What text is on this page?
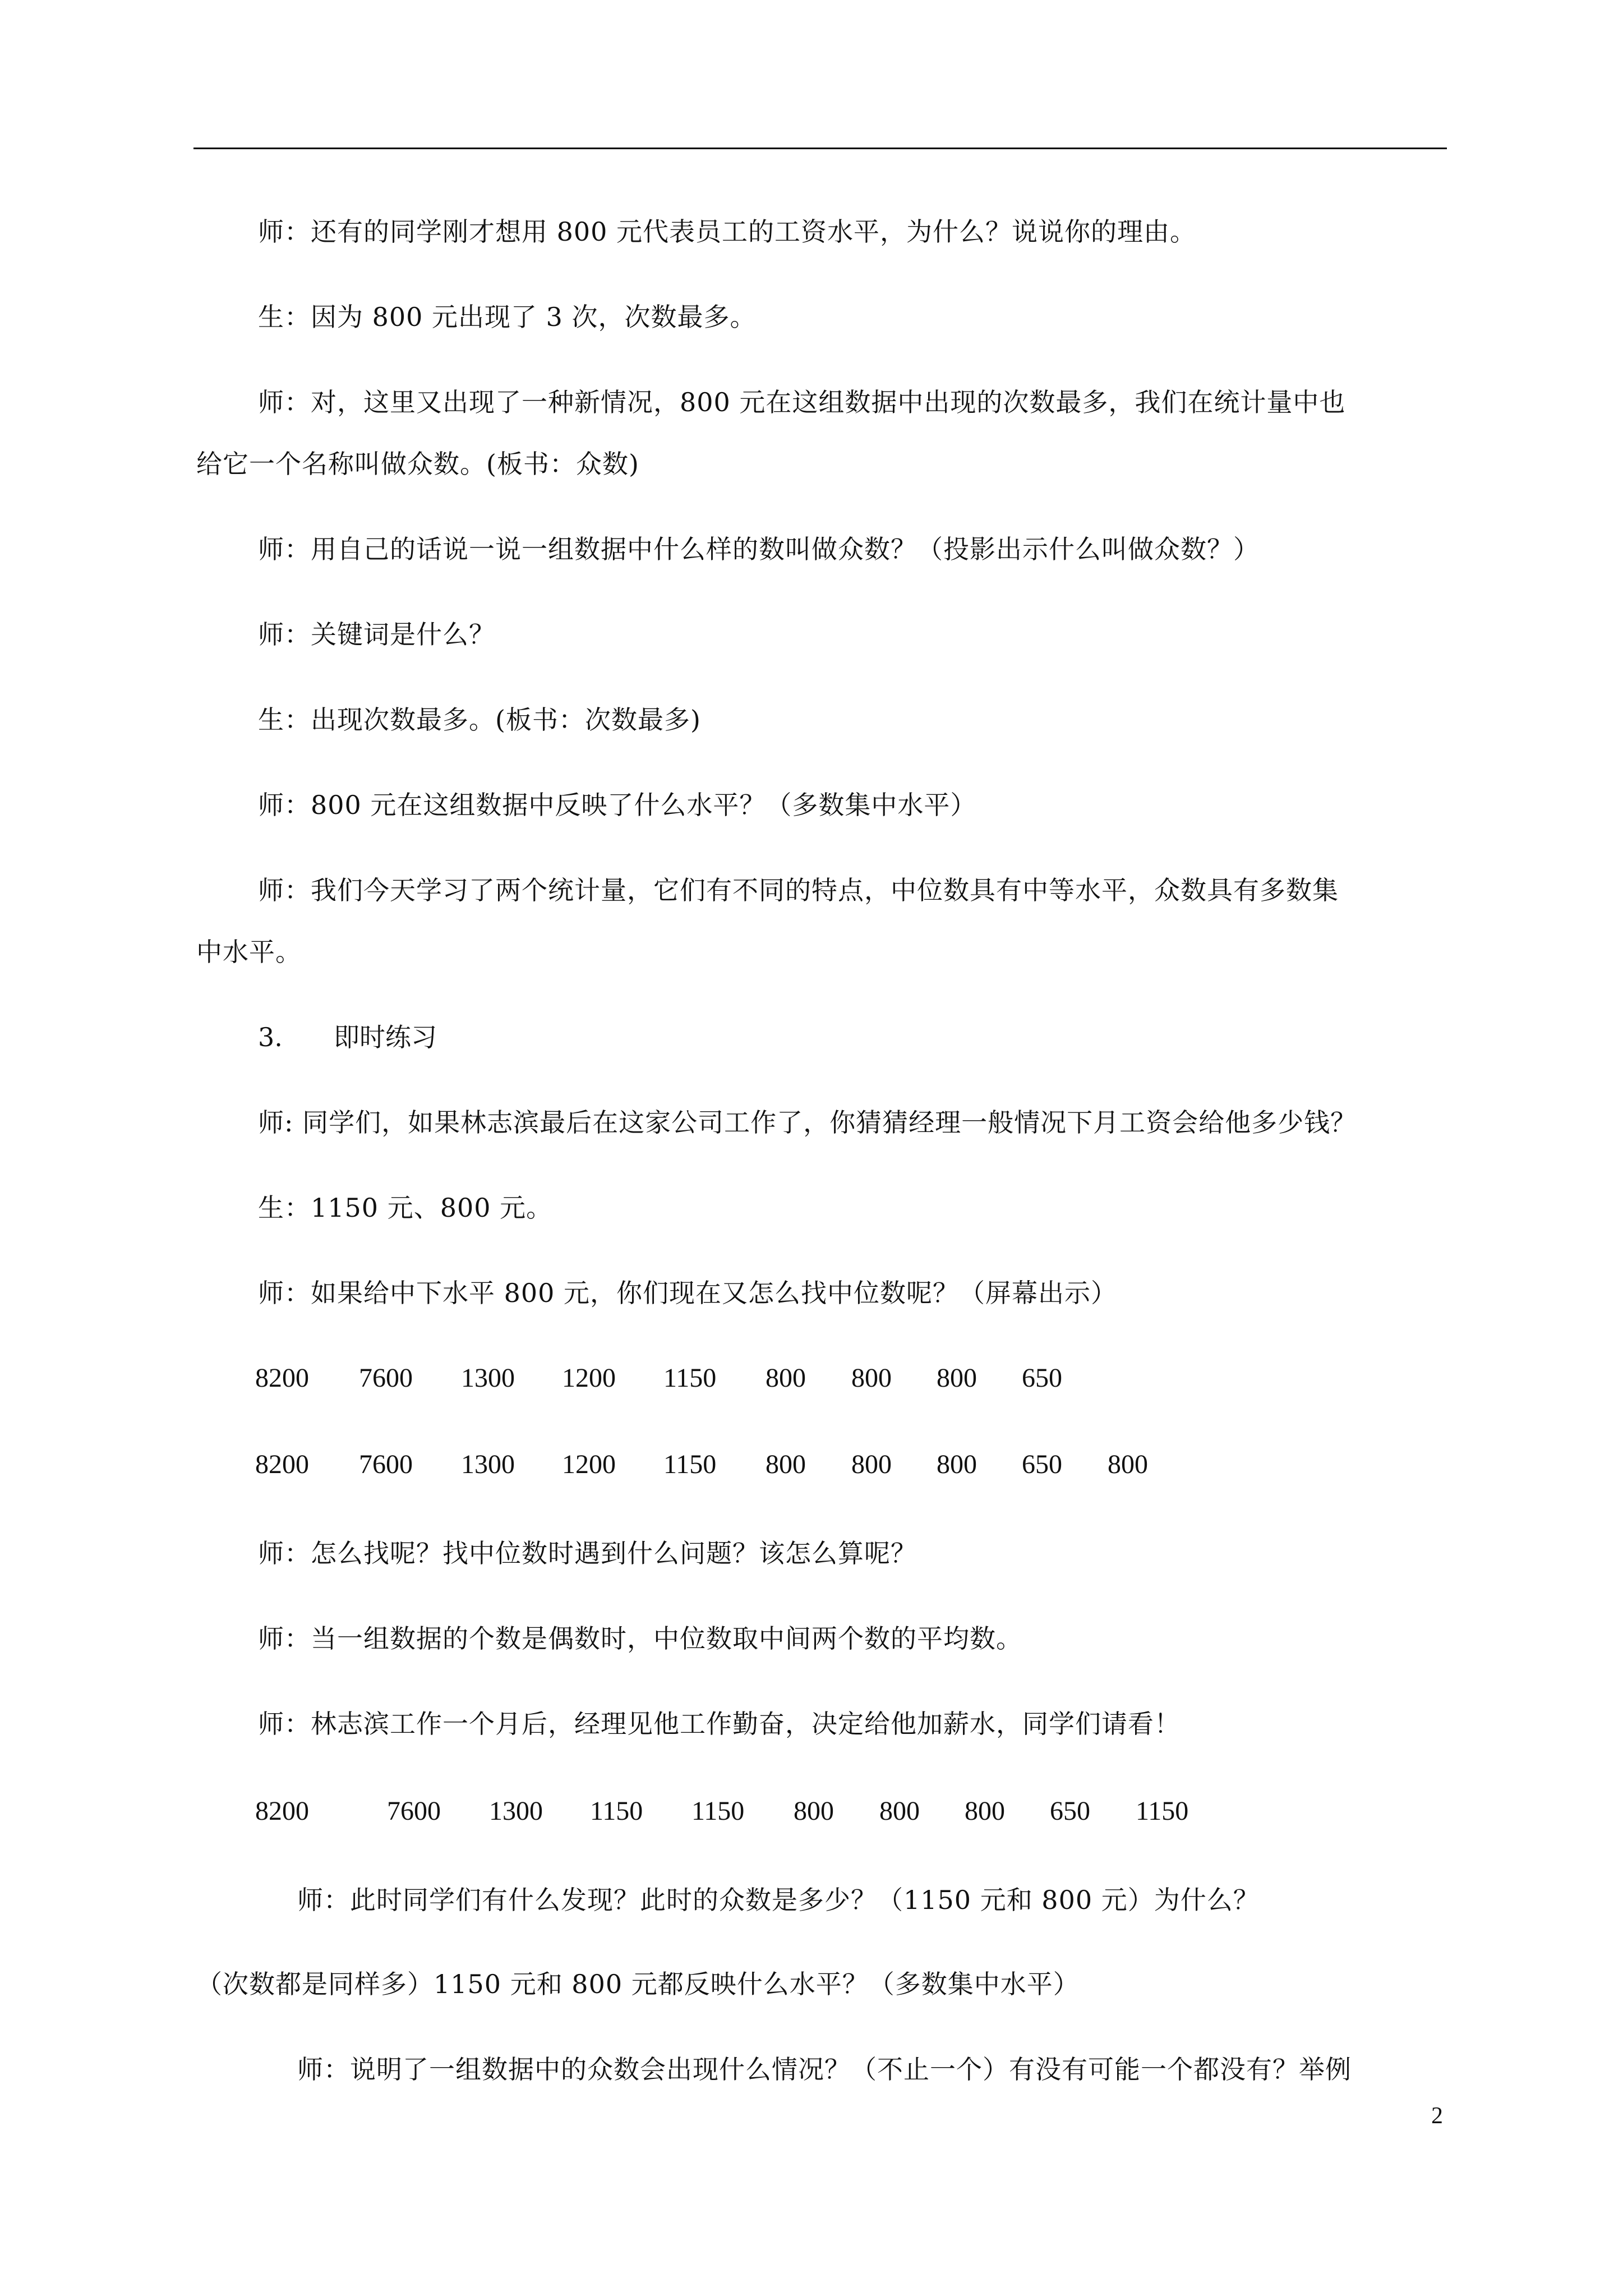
师：还有的同学刚才想用 800 元代表员工的工资水平，为什么？说说你的理由。
生：因为 800 元出现了 3 次，次数最多。
师：对，这里又出现了一种新情况，800 元在这组数据中出现的次数最多，我们在统计量中也
给它一个名称叫做众数。(板书：众数)
师：用自己的话说一说一组数据中什么样的数叫做众数？（投影出示什么叫做众数？）
师：关键词是什么？
生：出现次数最多。(板书：次数最多)
师：800 元在这组数据中反映了什么水平？（多数集中水平）
师：我们今天学习了两个统计量，它们有不同的特点，中位数具有中等水平，众数具有多数集
中水平。
3. 即时练习
师: 同学们，如果林志滨最后在这家公司工作了，你猜猜经理一般情况下月工资会给他多少钱？
生：1150 元、800 元。
师：如果给中下水平 800 元，你们现在又怎么找中位数呢？（屏幕出示）
8200 7600 1300 1200 1150 800 800 800 650
8200 7600 1300 1200 1150 800 800 800 650 800
师：怎么找呢？找中位数时遇到什么问题？该怎么算呢？
师：当一组数据的个数是偶数时，中位数取中间两个数的平均数。
师：林志滨工作一个月后，经理见他工作勤奋，决定给他加薪水，同学们请看！
8200	7600 1300 1150 1150 800 800 800 650 1150
师：此时同学们有什么发现？此时的众数是多少？（1150 元和 800 元）为什么？
（次数都是同样多）1150 元和 800 元都反映什么水平？（多数集中水平）
师：说明了一组数据中的众数会出现什么情况？（不止一个）有没有可能一个都没有？举例
2
